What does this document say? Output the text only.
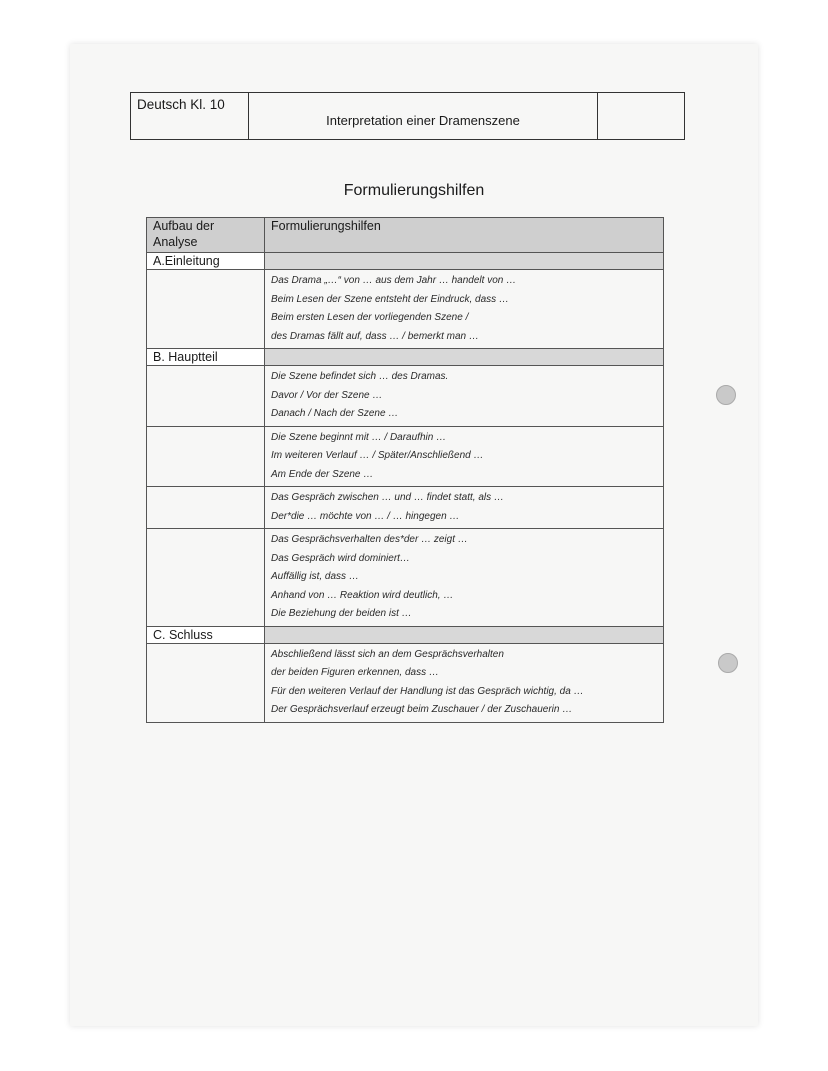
Deutsch Kl. 10
Interpretation einer Dramenszene
Formulierungshilfen
Aufbau der Analyse	Formulierungshilfen
A.Einleitung	

	Das Drama „…“ von … aus dem Jahr … handelt von …
Beim Lesen der Szene entsteht der Eindruck, dass …
Beim ersten Lesen der vorliegenden Szene /
des Dramas fällt auf, dass … / bemerkt man …

B. Hauptteil	

	Die Szene befindet sich … des Dramas.
Davor / Vor der Szene …
Danach / Nach der Szene …

	Die Szene beginnt mit … / Daraufhin …
Im weiteren Verlauf … / Später/Anschließend …
Am Ende der Szene …

	Das Gespräch zwischen … und … findet statt, als …
Der*die … möchte von … / … hingegen …

	Das Gesprächsverhalten des*der … zeigt …
Das Gespräch wird dominiert…
Auffällig ist, dass …
Anhand von … Reaktion wird deutlich, …
Die Beziehung der beiden ist …

C. Schluss	

	Abschließend lässt sich an dem Gesprächsverhalten
der beiden Figuren erkennen, dass …
Für den weiteren Verlauf der Handlung ist das Gespräch wichtig, da …
Der Gesprächsverlauf erzeugt beim Zuschauer / der Zuschauerin …
